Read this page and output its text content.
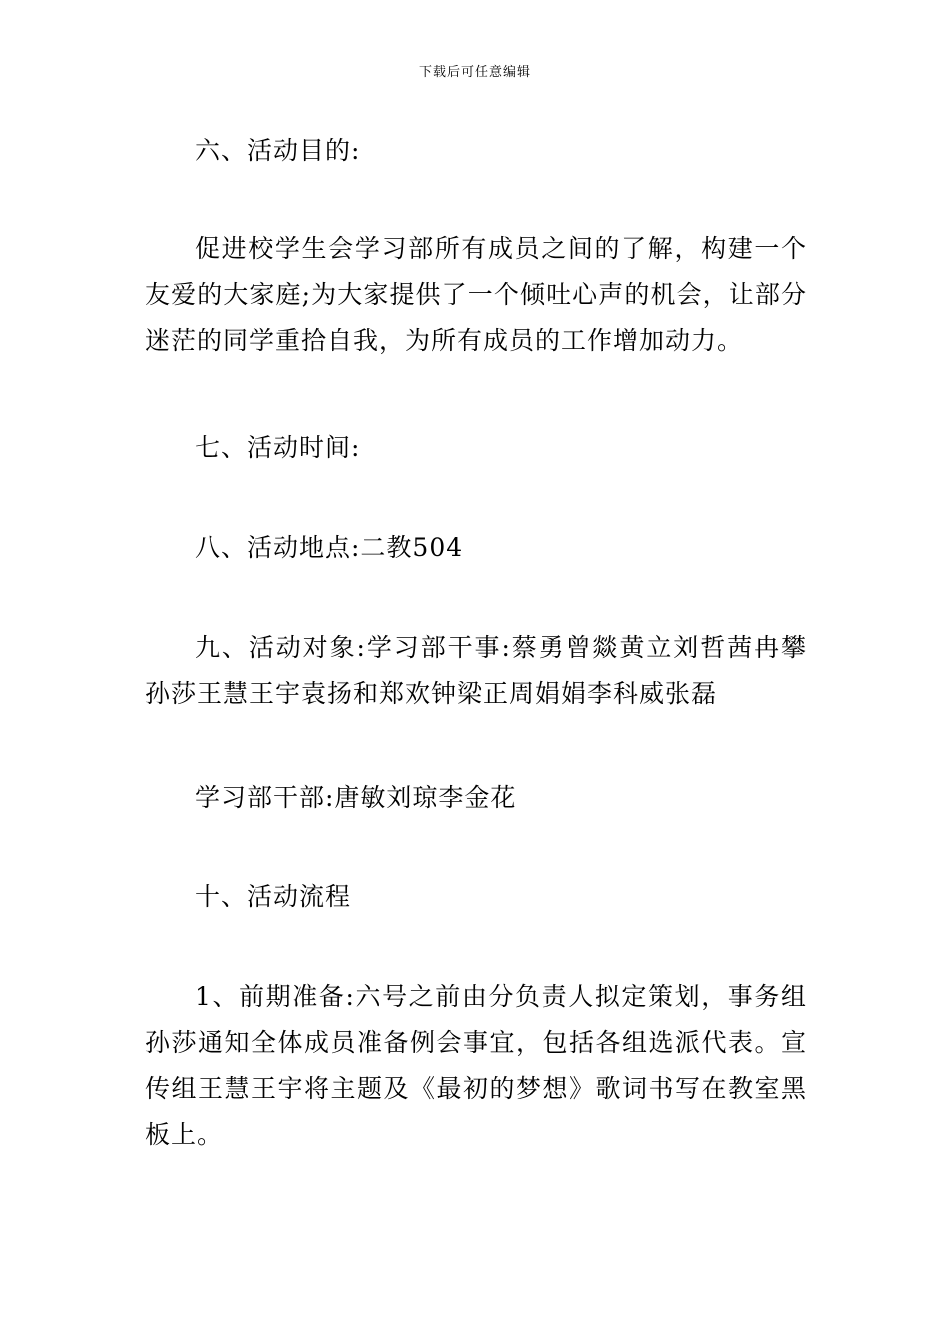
下载后可任意编辑

六、活动目的:

促进校学生会学习部所有成员之间的了解，构建一个友爱的大家庭;为大家提供了一个倾吐心声的机会，让部分迷茫的同学重拾自我，为所有成员的工作增加动力。

七、活动时间:

八、活动地点:二教504

九、活动对象:学习部干事:蔡勇曾燚黄立刘哲茜冉攀孙莎王慧王宇袁扬和郑欢钟梁正周娟娟李科威张磊

学习部干部:唐敏刘琼李金花

十、活动流程

1、前期准备:六号之前由分负责人拟定策划，事务组孙莎通知全体成员准备例会事宜，包括各组选派代表。宣传组王慧王宇将主题及《最初的梦想》歌词书写在教室黑板上。
